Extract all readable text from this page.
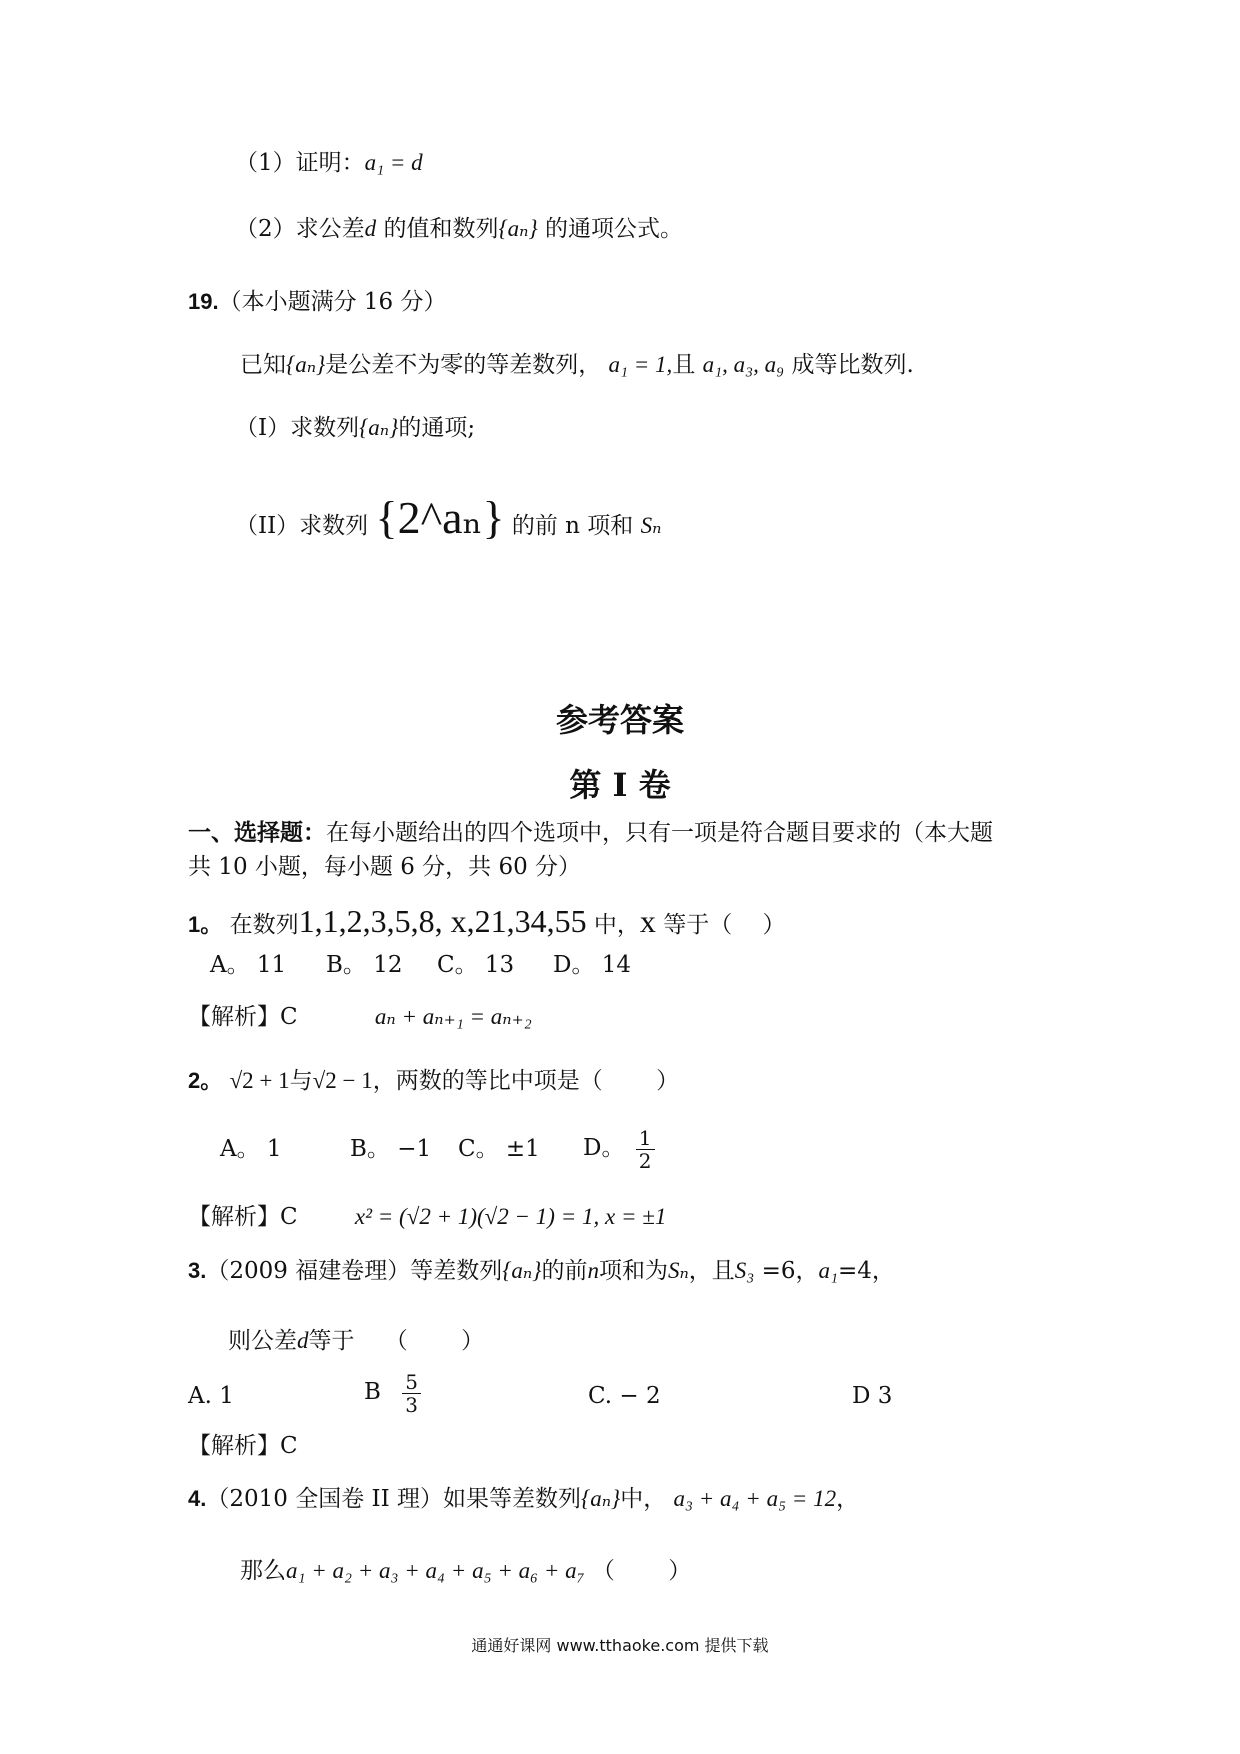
（1）证明：a₁ = d
（2）求公差d 的值和数列{aₙ} 的通项公式。
19.（本小题满分 16 分）
已知{aₙ}是公差不为零的等差数列， a₁ = 1,且 a₁, a₃, a₉ 成等比数列.
（I）求数列{aₙ}的通项;
（II）求数列 {2^aₙ} 的前 n 项和 Sₙ
参考答案
第 I 卷
一、选择题：在每小题给出的四个选项中，只有一项是符合题目要求的（本大题
共 10 小题，每小题 6 分，共 60 分）
1。 在数列1,1,2,3,5,8, x,21,34,55 中，x 等于（　 ）
A。 11 B。 12 C。 13 D。 14
【解析】C	aₙ + aₙ₊₁ = aₙ₊₂
2。 √2 + 1与√2 − 1，两数的等比中项是（　　 ）
A。 1	B。 −1 C。 ±1 D。 $\frac{1}{2}$
【解析】C x² = (√2 + 1)(√2 − 1) = 1, x = ±1
3.（2009 福建卷理）等差数列{aₙ}的前n项和为Sₙ，且S₃ =6，a₁=4，
则公差d等于　 （　　 ）
A. 1	B $\frac{5}{3}$	C. − 2	D 3
【解析】C
4.（2010 全国卷 II 理）如果等差数列{aₙ}中， a₃ + a₄ + a₅ = 12，
那么a₁ + a₂ + a₃ + a₄ + a₅ + a₆ + a₇ （　　 ）
通通好课网 www.tthaoke.com 提供下载
